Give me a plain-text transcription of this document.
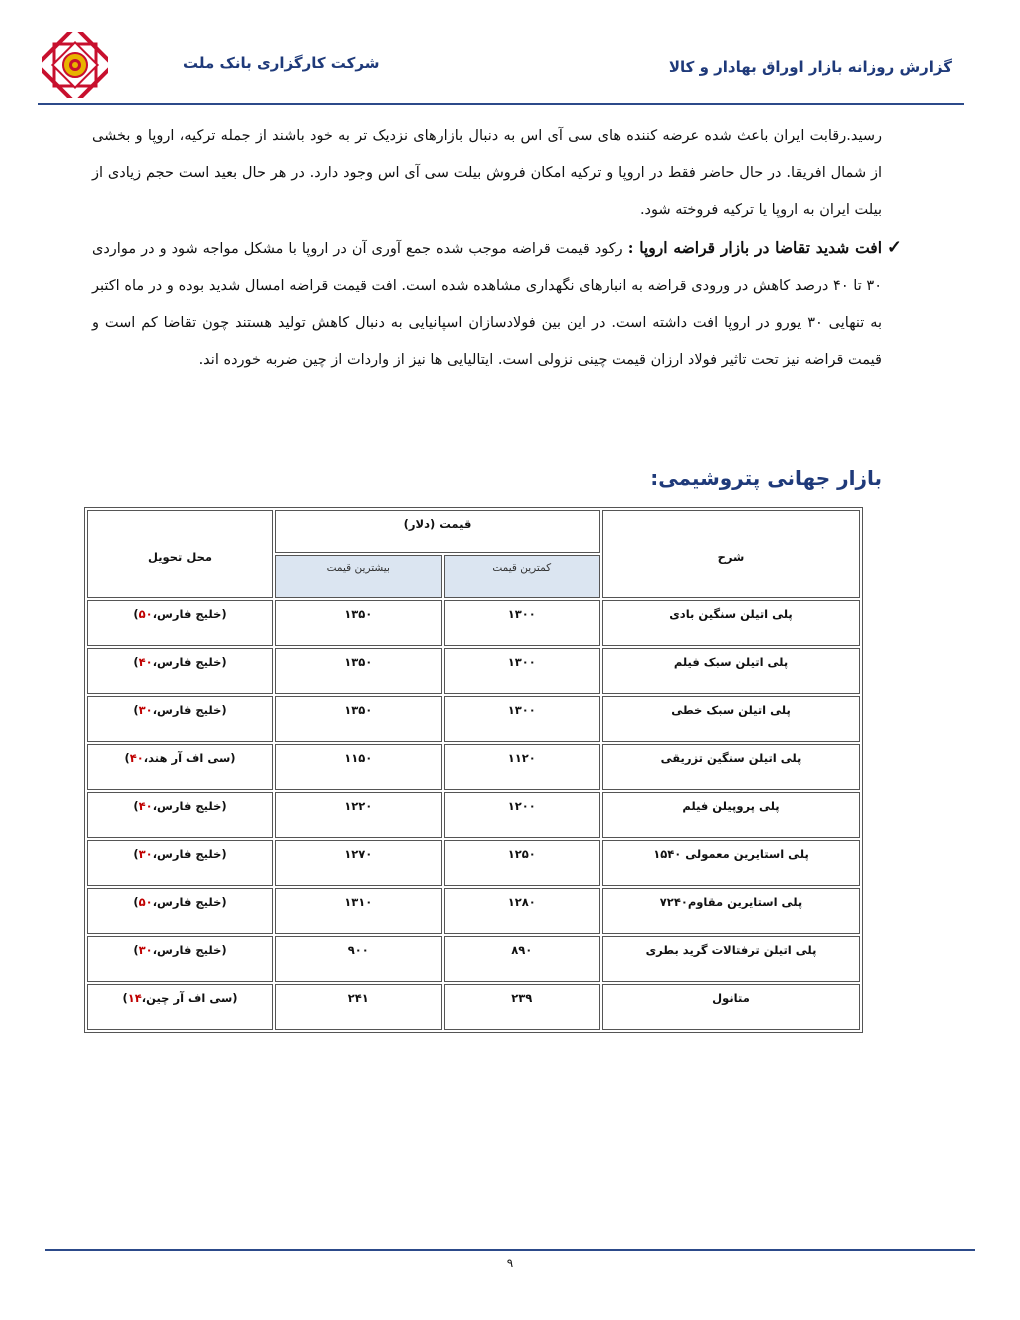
شرکت کارگزاری بانک ملت	گزارش روزانه بازار اوراق بهادار و کالا

رسید.رقابت ایران باعث شده عرضه کننده های سی آی اس به دنبال بازارهای نزدیک تر به خود باشند از جمله ترکیه، اروپا و بخشی از شمال افریقا. در حال حاضر فقط در اروپا و ترکیه امکان فروش بیلت سی آی اس وجود دارد. در هر حال بعید است حجم زیادی از بیلت ایران به اروپا یا ترکیه فروخته شود.

✓
افت شدید تقاضا در بازار قراضه اروپا : رکود قیمت قراضه موجب شده جمع آوری آن در اروپا با مشکل مواجه شود و در مواردی ۳۰ تا ۴۰ درصد کاهش در ورودی قراضه به انبارهای نگهداری مشاهده شده است. افت قیمت قراضه امسال شدید بوده و در ماه اکتبر به تنهایی ۳۰ یورو در اروپا افت داشته است. در این بین فولادسازان اسپانیایی به دنبال کاهش تولید هستند چون تقاضا کم است و قیمت قراضه نیز تحت تاثیر فولاد ارزان قیمت چینی نزولی است. ایتالیایی ها نیز از واردات از چین ضربه خورده اند.

بازار جهانی پتروشیمی:
شرح	قیمت (دلار)		محل تحویل
	کمترین قیمت	بیشترین قیمت	
پلی اتیلن سنگین بادی	۱۳۰۰	۱۳۵۰	(خلیج فارس،۵۰)
پلی اتیلن سبک فیلم	۱۳۰۰	۱۳۵۰	(خلیج فارس،۴۰)
پلی اتیلن سبک خطی	۱۳۰۰	۱۳۵۰	(خلیج فارس،۳۰)
پلی اتیلن سنگین تزریقی	۱۱۲۰	۱۱۵۰	(سی اف آر هند،۴۰)
پلی پروپیلن فیلم	۱۲۰۰	۱۲۲۰	(خلیج فارس،۴۰)
پلی استایرین معمولی ۱۵۴۰	۱۲۵۰	۱۲۷۰	(خلیج فارس،۳۰)
پلی استایرین مقاوم۷۲۴۰	۱۲۸۰	۱۳۱۰	(خلیج فارس،۵۰)
پلی اتیلن ترفتالات گرید بطری	۸۹۰	۹۰۰	(خلیج فارس،۳۰)
متانول	۲۳۹	۲۴۱	(سی اف آر چین،۱۴)
۹
